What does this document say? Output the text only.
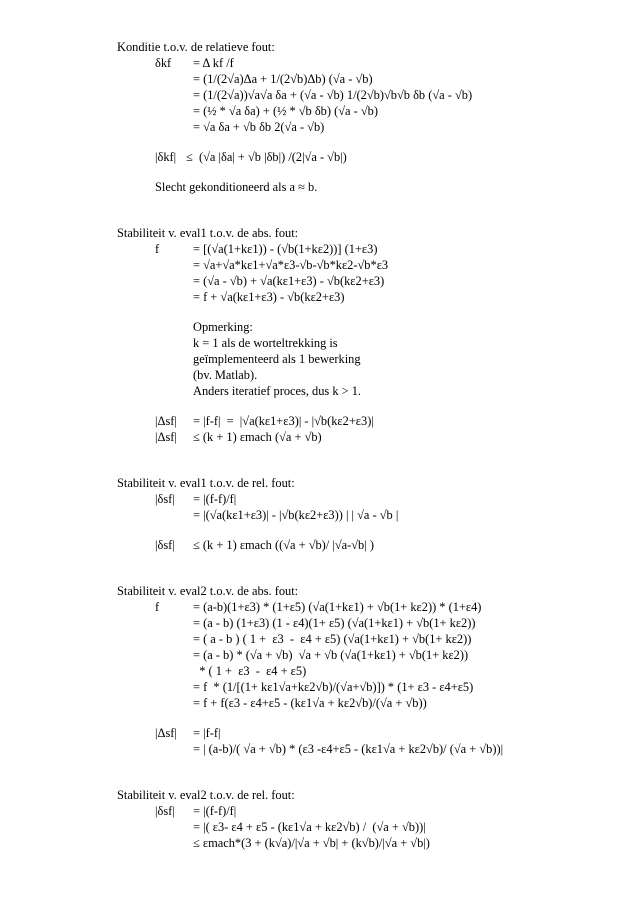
Konditie t.o.v. de relatieve fout:
δkf = Δ kf /f
= (1/(2√a)Δa + 1/(2√b)Δb) (√a - √b)
= (1/(2√a))√a√a δa + (√a - √b) 1/(2√b)√b√b δb (√a - √b)
= (½ * √a δa) + (½ * √b δb) (√a - √b)
= √a δa + √b δb 2(√a - √b)
|δkf| ≤  (√a |δa| + √b |δb|) /(2|√a - √b|)
Slecht gekonditioneerd als a ≈ b.
Stabiliteit v. eval1 t.o.v. de abs. fout:
f	= [(√a(1+kε1)) - (√b(1+kε2))] (1+ε3)
= √a+√a*kε1+√a*ε3-√b-√b*kε2-√b*ε3
= (√a - √b) + √a(kε1+ε3) - √b(kε2+ε3)
= f + √a(kε1+ε3) - √b(kε2+ε3)
Opmerking:
k = 1 als de worteltrekking is
geïmplementeerd als 1 bewerking
(bv. Matlab).
Anders iteratief proces, dus k > 1.
|Δsf| = |f-f|  =  |√a(kε1+ε3)| - |√b(kε2+ε3)|
|Δsf| ≤ (k + 1) εmach (√a + √b)
Stabiliteit v. eval1 t.o.v. de rel. fout:
|δsf| = |(f-f)/f|
= |(√a(kε1+ε3)| - |√b(kε2+ε3)) | | √a - √b |
|δsf| ≤ (k + 1) εmach ((√a + √b)/ |√a-√b| )
Stabiliteit v. eval2 t.o.v. de abs. fout:
f	= (a-b)(1+ε3) * (1+ε5) (√a(1+kε1) + √b(1+ kε2)) * (1+ε4)
= (a - b) (1+ε3) (1 - ε4)(1+ ε5) (√a(1+kε1) + √b(1+ kε2))
= ( a - b ) ( 1 +  ε3  -  ε4 + ε5) (√a(1+kε1) + √b(1+ kε2))
= (a - b) * (√a + √b)  √a + √b (√a(1+kε1) + √b(1+ kε2))
* ( 1 +  ε3  -  ε4 + ε5)
= f  * (1/[(1+ kε1√a+kε2√b)/(√a+√b)]) * (1+ ε3 - ε4+ε5)
= f + f(ε3 - ε4+ε5 - (kε1√a + kε2√b)/(√a + √b))
|Δsf| = |f-f|
= | (a-b)/( √a + √b) * (ε3 -ε4+ε5 - (kε1√a + kε2√b)/ (√a + √b))|
Stabiliteit v. eval2 t.o.v. de rel. fout:
|δsf| = |(f-f)/f|
= |( ε3- ε4 + ε5 - (kε1√a + kε2√b) /  (√a + √b))|
≤ εmach*(3 + (k√a)/|√a + √b| + (k√b)/|√a + √b|)
